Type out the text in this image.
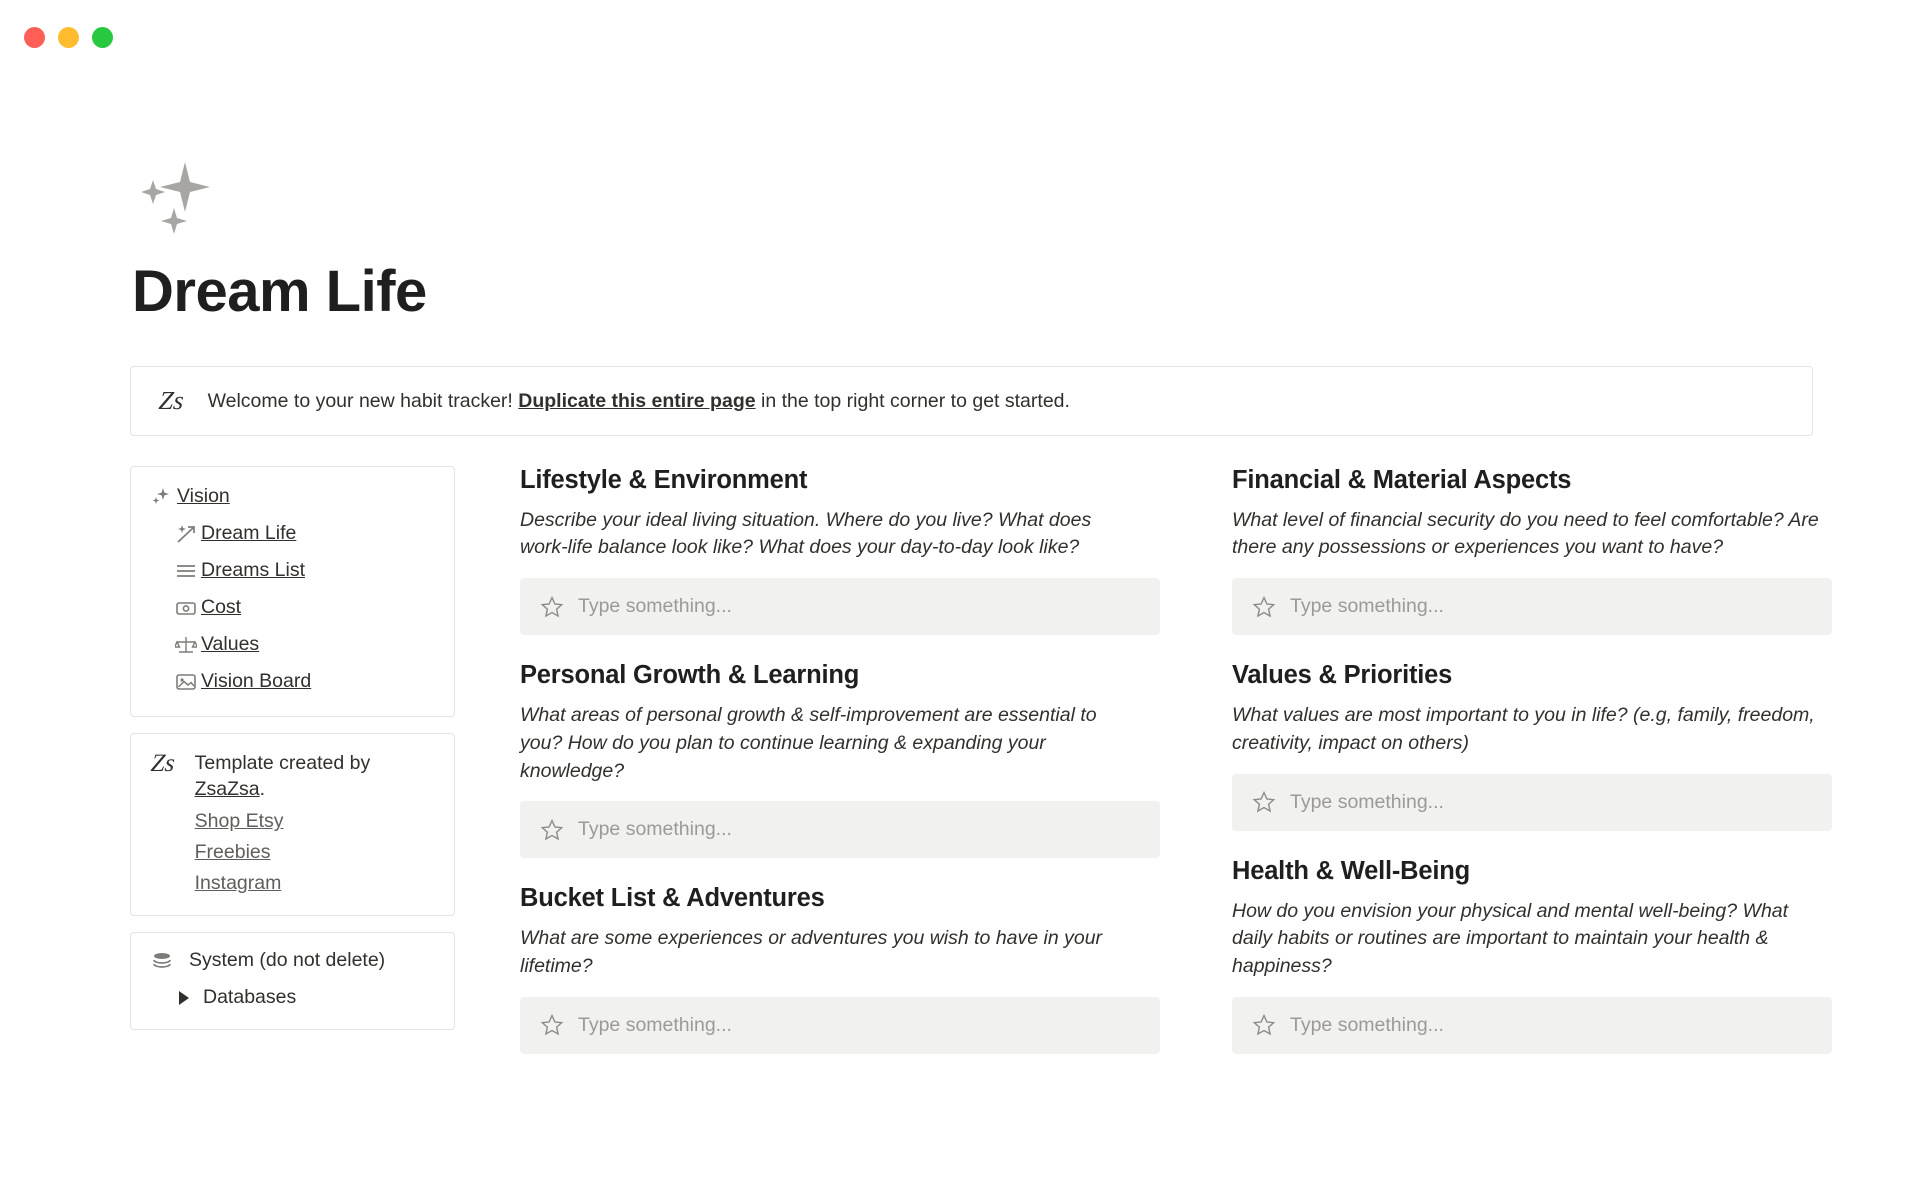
Dream Life
Zs Welcome to your new habit tracker! Duplicate this entire page in the top right corner to get started.
Vision
Dream Life
Dreams List
Cost
Values
Vision Board
Zs Template created by ZsaZsa.
Shop Etsy
Freebies
Instagram
System (do not delete)
Databases
Lifestyle & Environment

Describe your ideal living situation. Where do you live? What does work-life balance look like? What does your day-to-day look like?

Type something...
Personal Growth & Learning

What areas of personal growth & self-improvement are essential to you? How do you plan to continue learning & expanding your knowledge?

Type something...
Bucket List & Adventures

What are some experiences or adventures you wish to have in your lifetime?

Type something...
Financial & Material Aspects

What level of financial security do you need to feel comfortable? Are there any possessions or experiences you want to have?

Type something...
Values & Priorities

What values are most important to you in life? (e.g, family, freedom, creativity, impact on others)

Type something...
Health & Well-Being

How do you envision your physical and mental well-being? What daily habits or routines are important to maintain your health & happiness?

Type something...
